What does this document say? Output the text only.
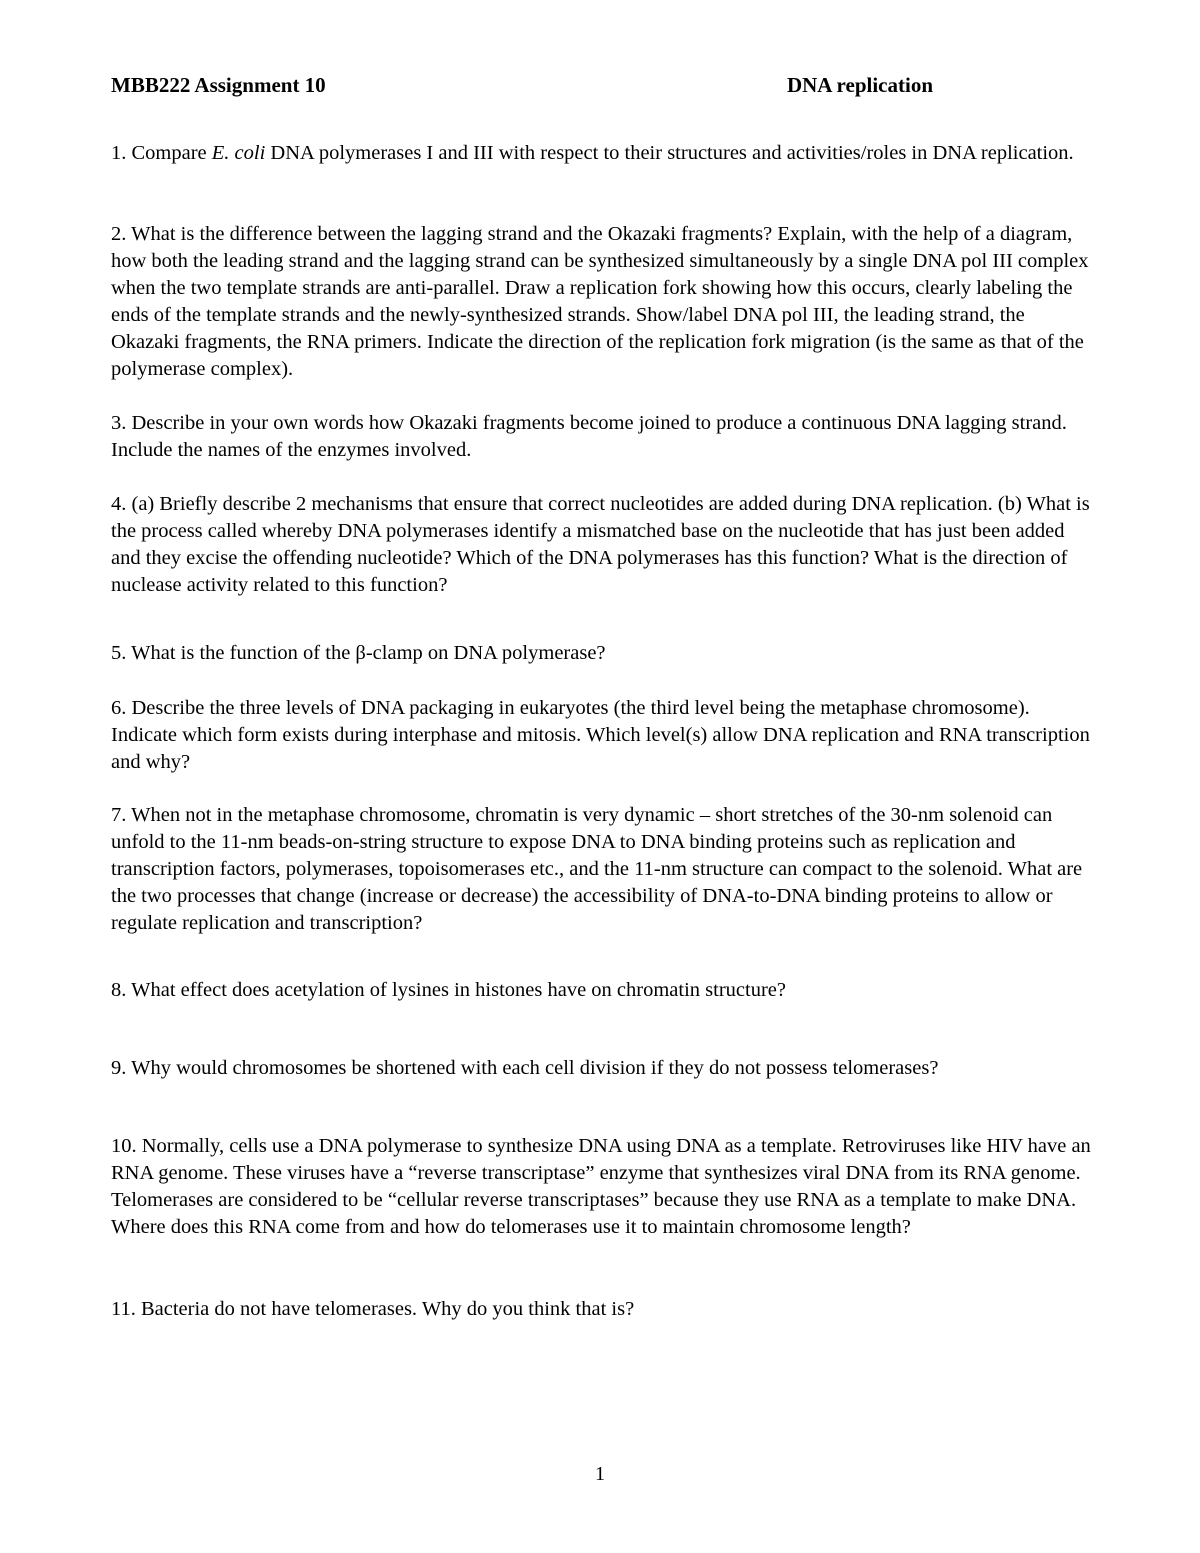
MBB222 Assignment 10	DNA replication

1. Compare E. coli DNA polymerases I and III with respect to their structures and activities/roles in DNA replication.

2. What is the difference between the lagging strand and the Okazaki fragments? Explain, with the help of a diagram, how both the leading strand and the lagging strand can be synthesized simultaneously by a single DNA pol III complex when the two template strands are anti-parallel. Draw a replication fork showing how this occurs, clearly labeling the ends of the template strands and the newly-synthesized strands. Show/label DNA pol III, the leading strand, the Okazaki fragments, the RNA primers. Indicate the direction of the replication fork migration (is the same as that of the polymerase complex).

3. Describe in your own words how Okazaki fragments become joined to produce a continuous DNA lagging strand. Include the names of the enzymes involved.

4. (a) Briefly describe 2 mechanisms that ensure that correct nucleotides are added during DNA replication. (b) What is the process called whereby DNA polymerases identify a mismatched base on the nucleotide that has just been added and they excise the offending nucleotide? Which of the DNA polymerases has this function? What is the direction of nuclease activity related to this function?

5. What is the function of the β-clamp on DNA polymerase?

6. Describe the three levels of DNA packaging in eukaryotes (the third level being the metaphase chromosome). Indicate which form exists during interphase and mitosis. Which level(s) allow DNA replication and RNA transcription and why?

7. When not in the metaphase chromosome, chromatin is very dynamic – short stretches of the 30-nm solenoid can unfold to the 11-nm beads-on-string structure to expose DNA to DNA binding proteins such as replication and transcription factors, polymerases, topoisomerases etc., and the 11-nm structure can compact to the solenoid. What are the two processes that change (increase or decrease) the accessibility of DNA-to-DNA binding proteins to allow or regulate replication and transcription?

8. What effect does acetylation of lysines in histones have on chromatin structure?

9. Why would chromosomes be shortened with each cell division if they do not possess telomerases?

10. Normally, cells use a DNA polymerase to synthesize DNA using DNA as a template. Retroviruses like HIV have an RNA genome. These viruses have a “reverse transcriptase” enzyme that synthesizes viral DNA from its RNA genome. Telomerases are considered to be “cellular reverse transcriptases” because they use RNA as a template to make DNA. Where does this RNA come from and how do telomerases use it to maintain chromosome length?

11. Bacteria do not have telomerases. Why do you think that is?

1
